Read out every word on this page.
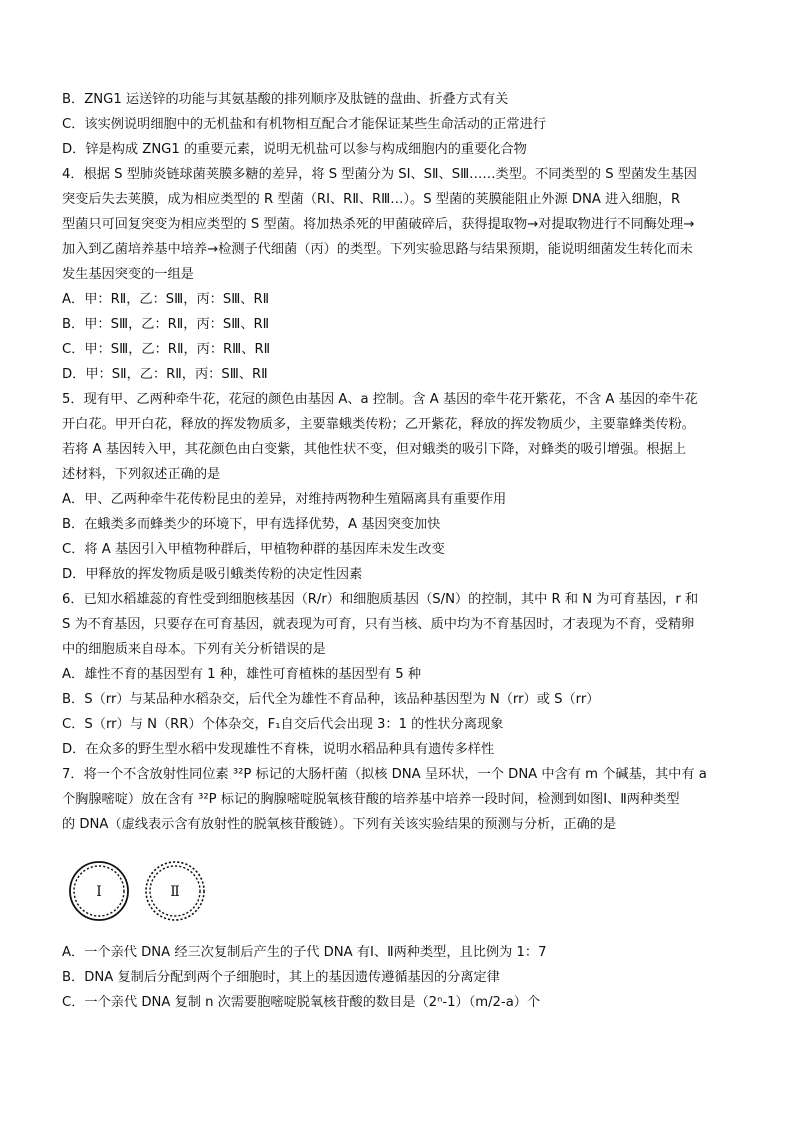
B．ZNG1 运送锌的功能与其氨基酸的排列顺序及肽链的盘曲、折叠方式有关
C．该实例说明细胞中的无机盐和有机物相互配合才能保证某些生命活动的正常进行
D．锌是构成 ZNG1 的重要元素，说明无机盐可以参与构成细胞内的重要化合物
4．根据 S 型肺炎链球菌荚膜多糖的差异，将 S 型菌分为 SⅠ、SⅡ、SⅢ……类型。不同类型的 S 型菌发生基因
突变后失去荚膜，成为相应类型的 R 型菌（RⅠ、RⅡ、RⅢ…）。S 型菌的荚膜能阻止外源 DNA 进入细胞，R
型菌只可回复突变为相应类型的 S 型菌。将加热杀死的甲菌破碎后，获得提取物→对提取物进行不同酶处理→
加入到乙菌培养基中培养→检测子代细菌（丙）的类型。下列实验思路与结果预期，能说明细菌发生转化而未
发生基因突变的一组是
A．甲：RⅡ，乙：SⅢ，丙：SⅢ、RⅡ
B．甲：SⅢ，乙：RⅡ，丙：SⅢ、RⅡ
C．甲：SⅢ，乙：RⅡ，丙：RⅢ、RⅡ
D．甲：SⅡ，乙：RⅡ，丙：SⅢ、RⅡ
5．现有甲、乙两种牵牛花，花冠的颜色由基因 A、a 控制。含 A 基因的牵牛花开紫花，不含 A 基因的牵牛花
开白花。甲开白花，释放的挥发物质多，主要靠蛾类传粉；乙开紫花，释放的挥发物质少，主要靠蜂类传粉。
若将 A 基因转入甲，其花颜色由白变紫，其他性状不变，但对蛾类的吸引下降，对蜂类的吸引增强。根据上
述材料，下列叙述正确的是
A．甲、乙两种牵牛花传粉昆虫的差异，对维持两物种生殖隔离具有重要作用
B．在蛾类多而蜂类少的环境下，甲有选择优势，A 基因突变加快
C．将 A 基因引入甲植物种群后，甲植物种群的基因库未发生改变
D．甲释放的挥发物质是吸引蛾类传粉的决定性因素
6．已知水稻雄蕊的育性受到细胞核基因（R/r）和细胞质基因（S/N）的控制，其中 R 和 N 为可育基因，r 和
S 为不育基因，只要存在可育基因，就表现为可育，只有当核、质中均为不育基因时，才表现为不育，受精卵
中的细胞质来自母本。下列有关分析错误的是
A．雄性不育的基因型有 1 种，雄性可育植株的基因型有 5 种
B．S（rr）与某品种水稻杂交，后代全为雄性不育品种，该品种基因型为 N（rr）或 S（rr）
C．S（rr）与 N（RR）个体杂交，F₁自交后代会出现 3：1 的性状分离现象
D．在众多的野生型水稻中发现雄性不育株，说明水稻品种具有遗传多样性
7．将一个不含放射性同位素 ³²P 标记的大肠杆菌（拟核 DNA 呈环状，一个 DNA 中含有 m 个碱基，其中有 a
个胸腺嘧啶）放在含有 ³²P 标记的胸腺嘧啶脱氧核苷酸的培养基中培养一段时间，检测到如图Ⅰ、Ⅱ两种类型
的 DNA（虚线表示含有放射性的脱氧核苷酸链）。下列有关该实验结果的预测与分析，正确的是
Ⅰ	Ⅱ
A．一个亲代 DNA 经三次复制后产生的子代 DNA 有Ⅰ、Ⅱ两种类型，且比例为 1：7
B．DNA 复制后分配到两个子细胞时，其上的基因遗传遵循基因的分离定律
C．一个亲代 DNA 复制 n 次需要胞嘧啶脱氧核苷酸的数目是（2ⁿ-1）（m/2-a）个
